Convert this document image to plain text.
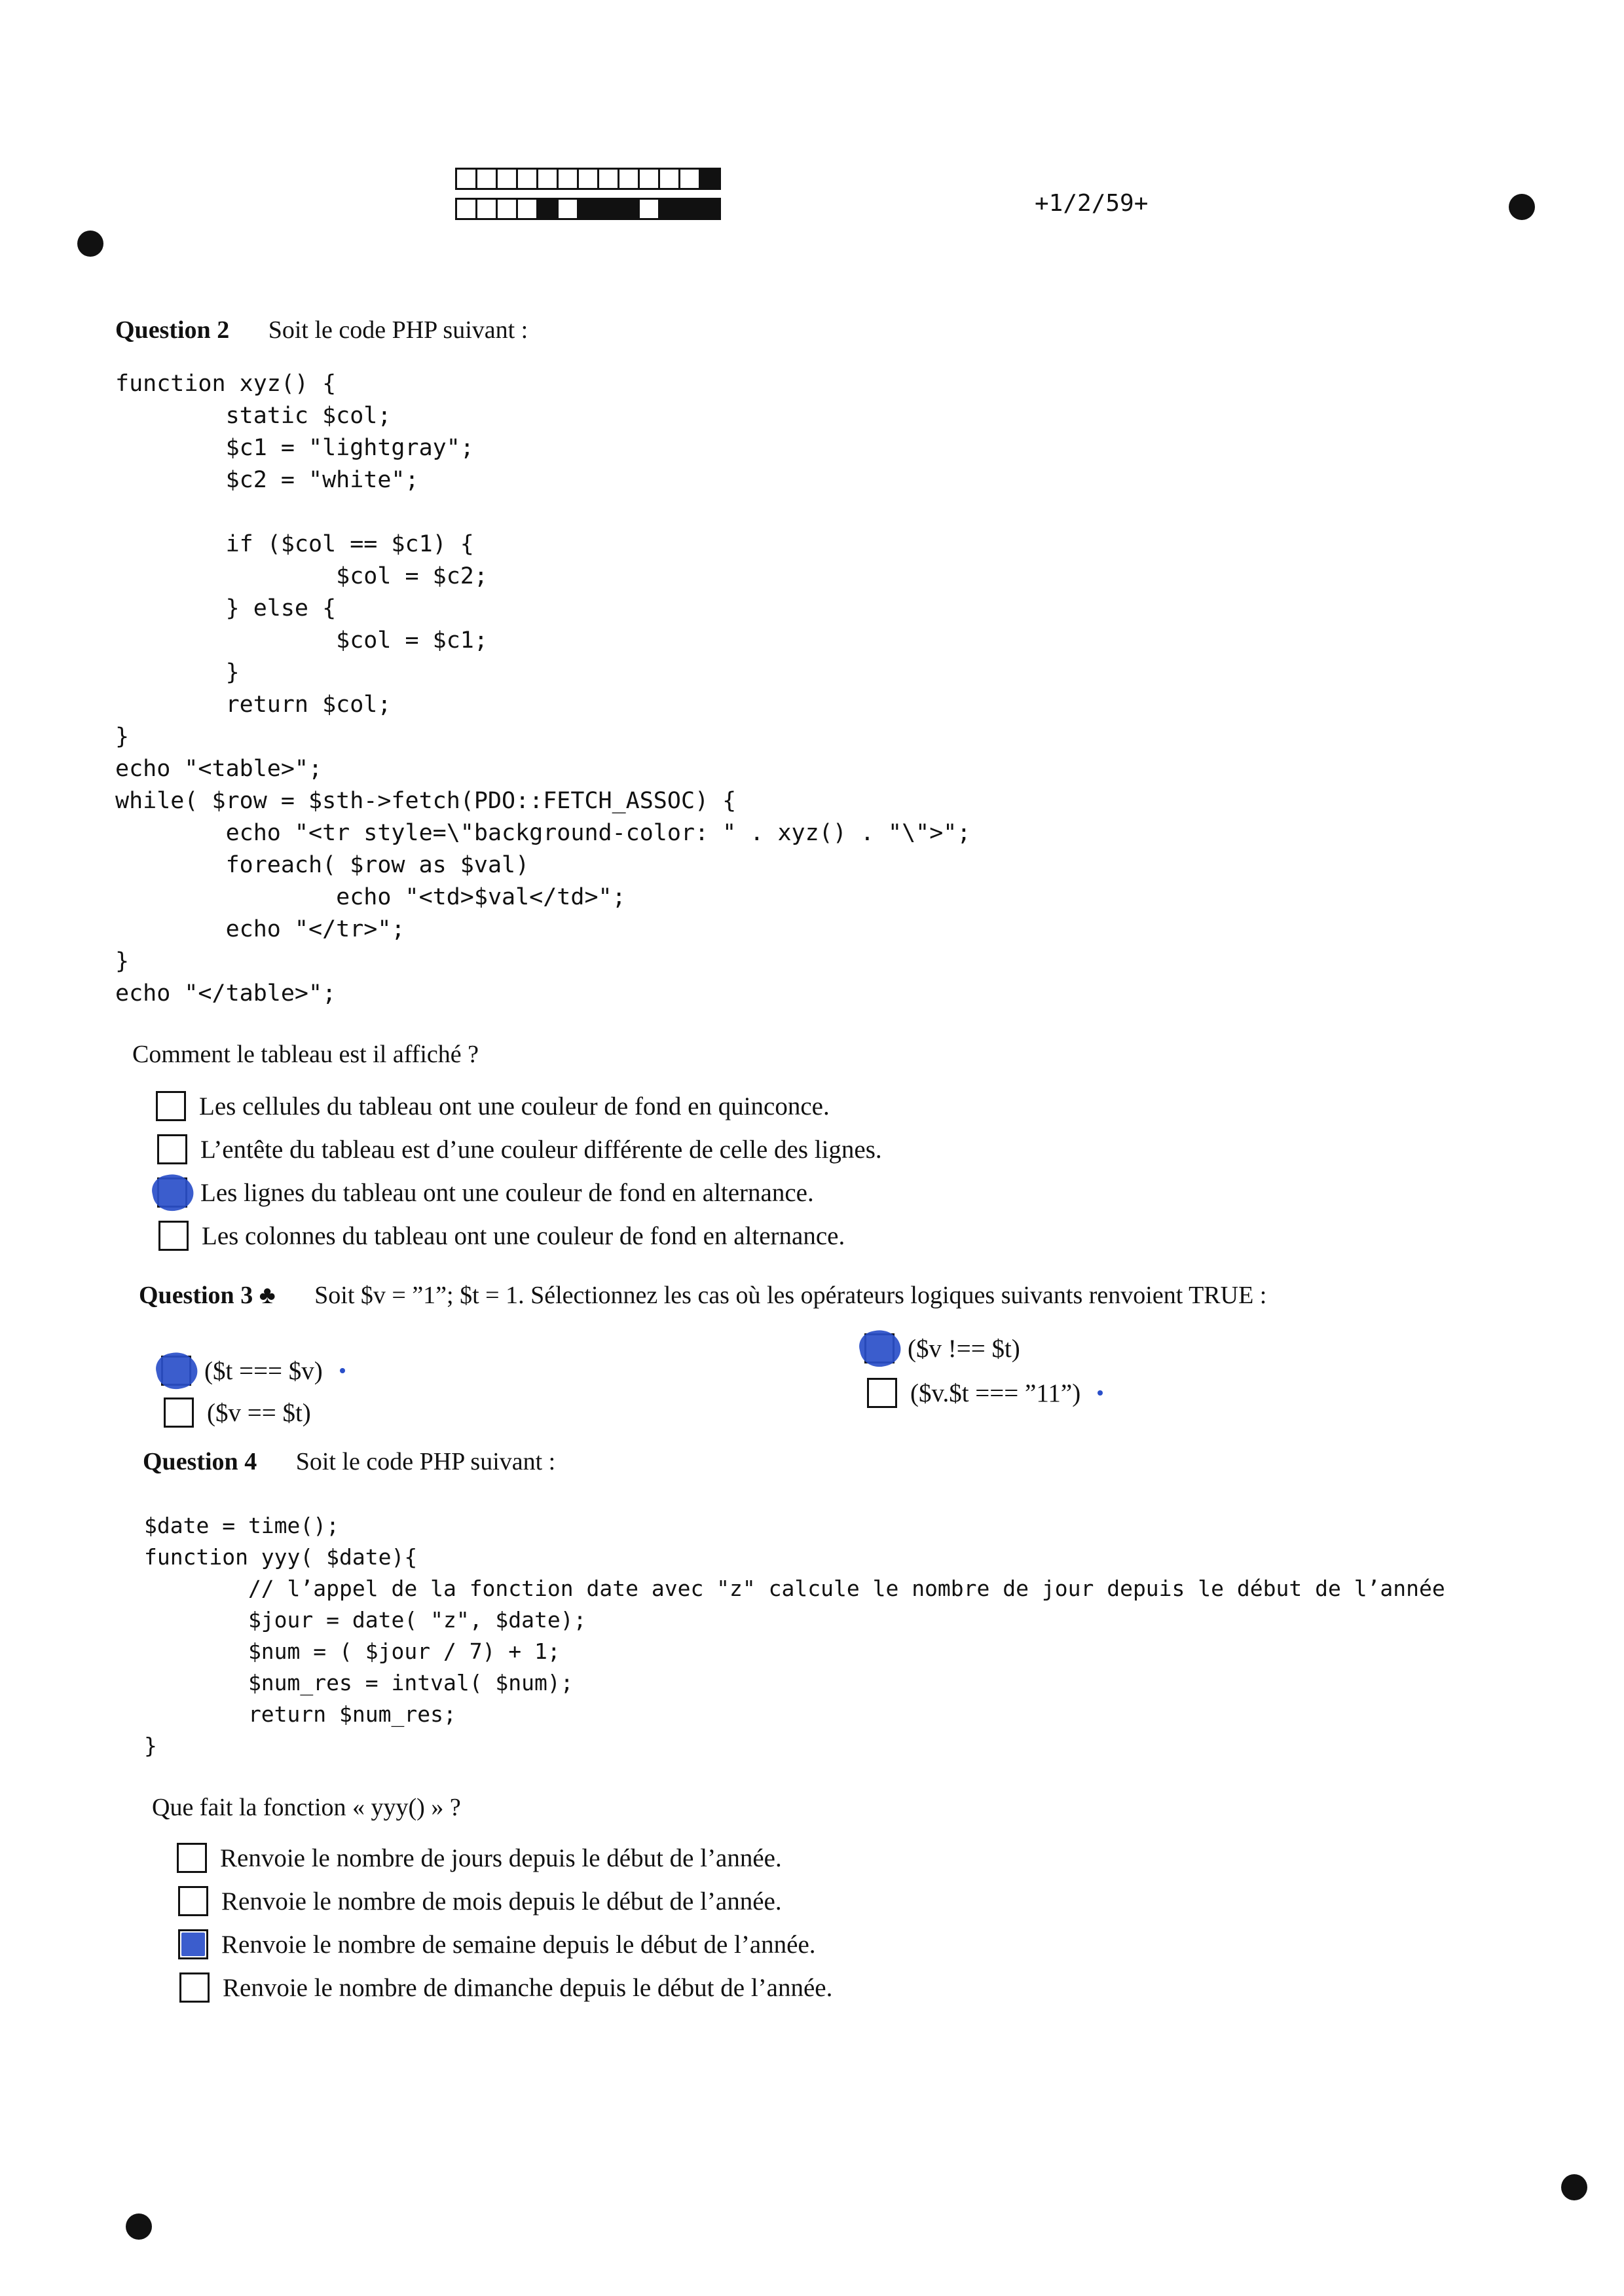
+1/2/59+
Question 2 Soit le code PHP suivant :
function xyz() {
static $col;
$c1 = "lightgray";
$c2 = "white";

if ($col == $c1) {
$col = $c2;
} else {
$col = $c1;
}
return $col;
}
echo "<table>";
while( $row = $sth->fetch(PDO::FETCH_ASSOC) {
echo "<tr style=\"background-color: " . xyz() . "\">";
foreach( $row as $val)
echo "<td>$val</td>";
echo "</tr>";
}
echo "</table>";
Comment le tableau est il affiché ?
Les cellules du tableau ont une couleur de fond en quinconce.
L’entête du tableau est d’une couleur différente de celle des lignes.
Les lignes du tableau ont une couleur de fond en alternance.
Les colonnes du tableau ont une couleur de fond en alternance.
Question 3 ♣ Soit $v = ”1”; $t = 1. Sélectionnez les cas où les opérateurs logiques suivants renvoient TRUE :
($t === $v)
($v == $t)
($v !== $t)
($v.$t === ”11”)
Question 4 Soit le code PHP suivant :
$date = time();
function yyy( $date){
// l’appel de la fonction date avec "z" calcule le nombre de jour depuis le début de l’année
$jour = date( "z", $date);
$num = ( $jour / 7) + 1;
$num_res = intval( $num);
return $num_res;
}
Que fait la fonction « yyy() » ?
Renvoie le nombre de jours depuis le début de l’année.
Renvoie le nombre de mois depuis le début de l’année.
Renvoie le nombre de semaine depuis le début de l’année.
Renvoie le nombre de dimanche depuis le début de l’année.
